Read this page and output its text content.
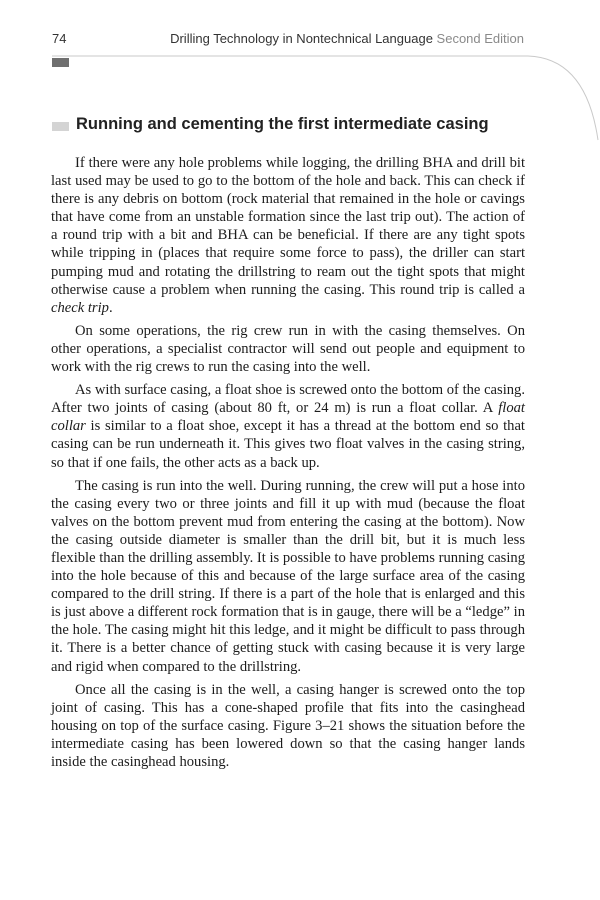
74	Drilling Technology in Nontechnical Language Second Edition
Running and cementing the first intermediate casing

If there were any hole problems while logging, the drilling BHA and drill bit last used may be used to go to the bottom of the hole and back. This can check if there is any debris on bottom (rock material that remained in the hole or cavings that have come from an unstable formation since the last trip out). The action of a round trip with a bit and BHA can be beneficial. If there are any tight spots while tripping in (places that require some force to pass), the driller can start pumping mud and rotating the drillstring to ream out the tight spots that might otherwise cause a problem when running the casing. This round trip is called a check trip.

On some operations, the rig crew run in with the casing themselves. On other operations, a specialist contractor will send out people and equipment to work with the rig crews to run the casing into the well.

As with surface casing, a float shoe is screwed onto the bottom of the casing. After two joints of casing (about 80 ft, or 24 m) is run a float collar. A float collar is similar to a float shoe, except it has a thread at the bottom end so that casing can be run underneath it. This gives two float valves in the casing string, so that if one fails, the other acts as a back up.

The casing is run into the well. During running, the crew will put a hose into the casing every two or three joints and fill it up with mud (because the float valves on the bottom prevent mud from entering the casing at the bottom). Now the casing outside diameter is smaller than the drill bit, but it is much less flexible than the drilling assembly. It is possible to have problems running casing into the hole because of this and because of the large surface area of the casing compared to the drill string. If there is a part of the hole that is enlarged and this is just above a different rock formation that is in gauge, there will be a “ledge” in the hole. The casing might hit this ledge, and it might be difficult to pass through it. There is a better chance of getting stuck with casing because it is very large and rigid when compared to the drillstring.

Once all the casing is in the well, a casing hanger is screwed onto the top joint of casing. This has a cone-shaped profile that fits into the casinghead housing on top of the surface casing. Figure 3–21 shows the situation before the intermediate casing has been lowered down so that the casing hanger lands inside the casinghead housing.
